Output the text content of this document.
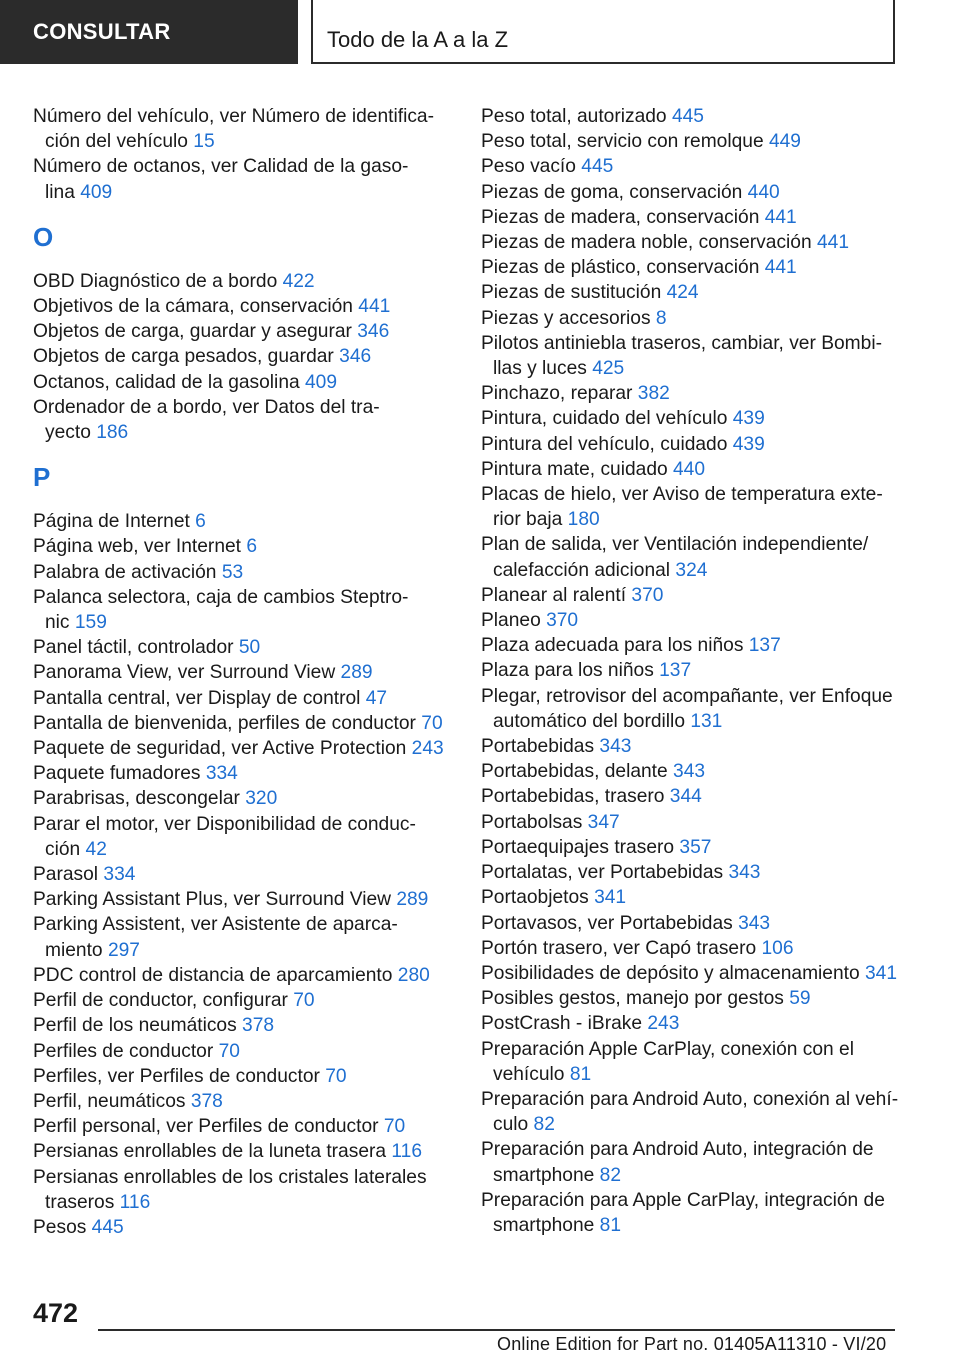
CONSULTAR	Todo de la A a la Z
Número del vehículo, ver Número de identificación del vehículo 15
Número de octanos, ver Calidad de la gasolina 409
O
OBD Diagnóstico de a bordo 422
Objetivos de la cámara, conservación 441
Objetos de carga, guardar y asegurar 346
Objetos de carga pesados, guardar 346
Octanos, calidad de la gasolina 409
Ordenador de a bordo, ver Datos del trayecto 186
P
Página de Internet 6
Página web, ver Internet 6
Palabra de activación 53
Palanca selectora, caja de cambios Steptronic 159
Panel táctil, controlador 50
Panorama View, ver Surround View 289
Pantalla central, ver Display de control 47
Pantalla de bienvenida, perfiles de conductor 70
Paquete de seguridad, ver Active Protection 243
Paquete fumadores 334
Parabrisas, descongelar 320
Parar el motor, ver Disponibilidad de conducción 42
Parasol 334
Parking Assistant Plus, ver Surround View 289
Parking Assistent, ver Asistente de aparcamiento 297
PDC control de distancia de aparcamiento 280
Perfil de conductor, configurar 70
Perfil de los neumáticos 378
Perfiles de conductor 70
Perfiles, ver Perfiles de conductor 70
Perfil, neumáticos 378
Perfil personal, ver Perfiles de conductor 70
Persianas enrollables de la luneta trasera 116
Persianas enrollables de los cristales laterales traseros 116
Pesos 445
Peso total, autorizado 445
Peso total, servicio con remolque 449
Peso vacío 445
Piezas de goma, conservación 440
Piezas de madera, conservación 441
Piezas de madera noble, conservación 441
Piezas de plástico, conservación 441
Piezas de sustitución 424
Piezas y accesorios 8
Pilotos antiniebla traseros, cambiar, ver Bombillas y luces 425
Pinchazo, reparar 382
Pintura, cuidado del vehículo 439
Pintura del vehículo, cuidado 439
Pintura mate, cuidado 440
Placas de hielo, ver Aviso de temperatura exterior baja 180
Plan de salida, ver Ventilación independiente/​calefacción adicional 324
Planear al ralentí 370
Planeo 370
Plaza adecuada para los niños 137
Plaza para los niños 137
Plegar, retrovisor del acompañante, ver Enfoque automático del bordillo 131
Portabebidas 343
Portabebidas, delante 343
Portabebidas, trasero 344
Portabolsas 347
Portaequipajes trasero 357
Portalatas, ver Portabebidas 343
Portaobjetos 341
Portavasos, ver Portabebidas 343
Portón trasero, ver Capó trasero 106
Posibilidades de depósito y almacenamiento 341
Posibles gestos, manejo por gestos 59
PostCrash - iBrake 243
Preparación Apple CarPlay, conexión con el vehículo 81
Preparación para Android Auto, conexión al vehículo 82
Preparación para Android Auto, integración de smartphone 82
Preparación para Apple CarPlay, integración de smartphone 81
472
Online Edition for Part no. 01405A11310 - VI/20
